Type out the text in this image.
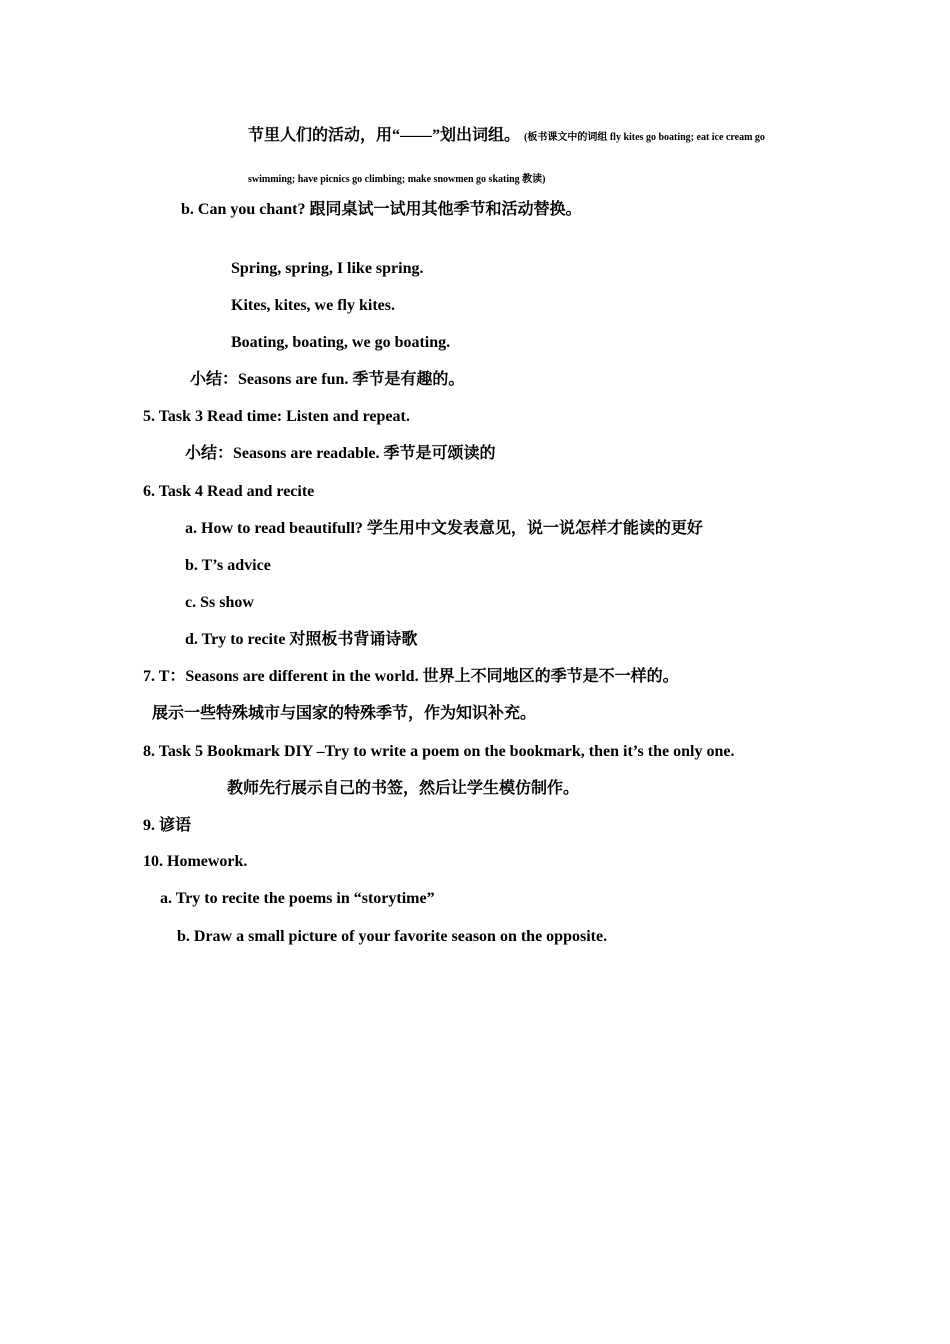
节里人们的活动，用“——”划出词组。 (板书课文中的词组 fly kites go boating; eat ice cream go
swimming; have picnics go climbing; make snowmen go skating 教读)
b. Can you chant? 跟同桌试一试用其他季节和活动替换。
Spring, spring, I like spring.
Kites, kites, we fly kites.
Boating, boating, we go boating.
小结：Seasons are fun. 季节是有趣的。
5. Task 3 Read time: Listen and repeat.
小结：Seasons are readable. 季节是可颂读的
6. Task 4 Read and recite
a. How to read beautifull? 学生用中文发表意见，说一说怎样才能读的更好
b. T’s advice
c. Ss show
d. Try to recite 对照板书背诵诗歌
7. T：Seasons are different in the world. 世界上不同地区的季节是不一样的。
展示一些特殊城市与国家的特殊季节，作为知识补充。
8. Task 5 Bookmark DIY –Try to write a poem on the bookmark, then it’s the only one.
教师先行展示自己的书签，然后让学生模仿制作。
9. 谚语
10. Homework.
a. Try to recite the poems in “storytime”
b. Draw a small picture of your favorite season on the opposite.
